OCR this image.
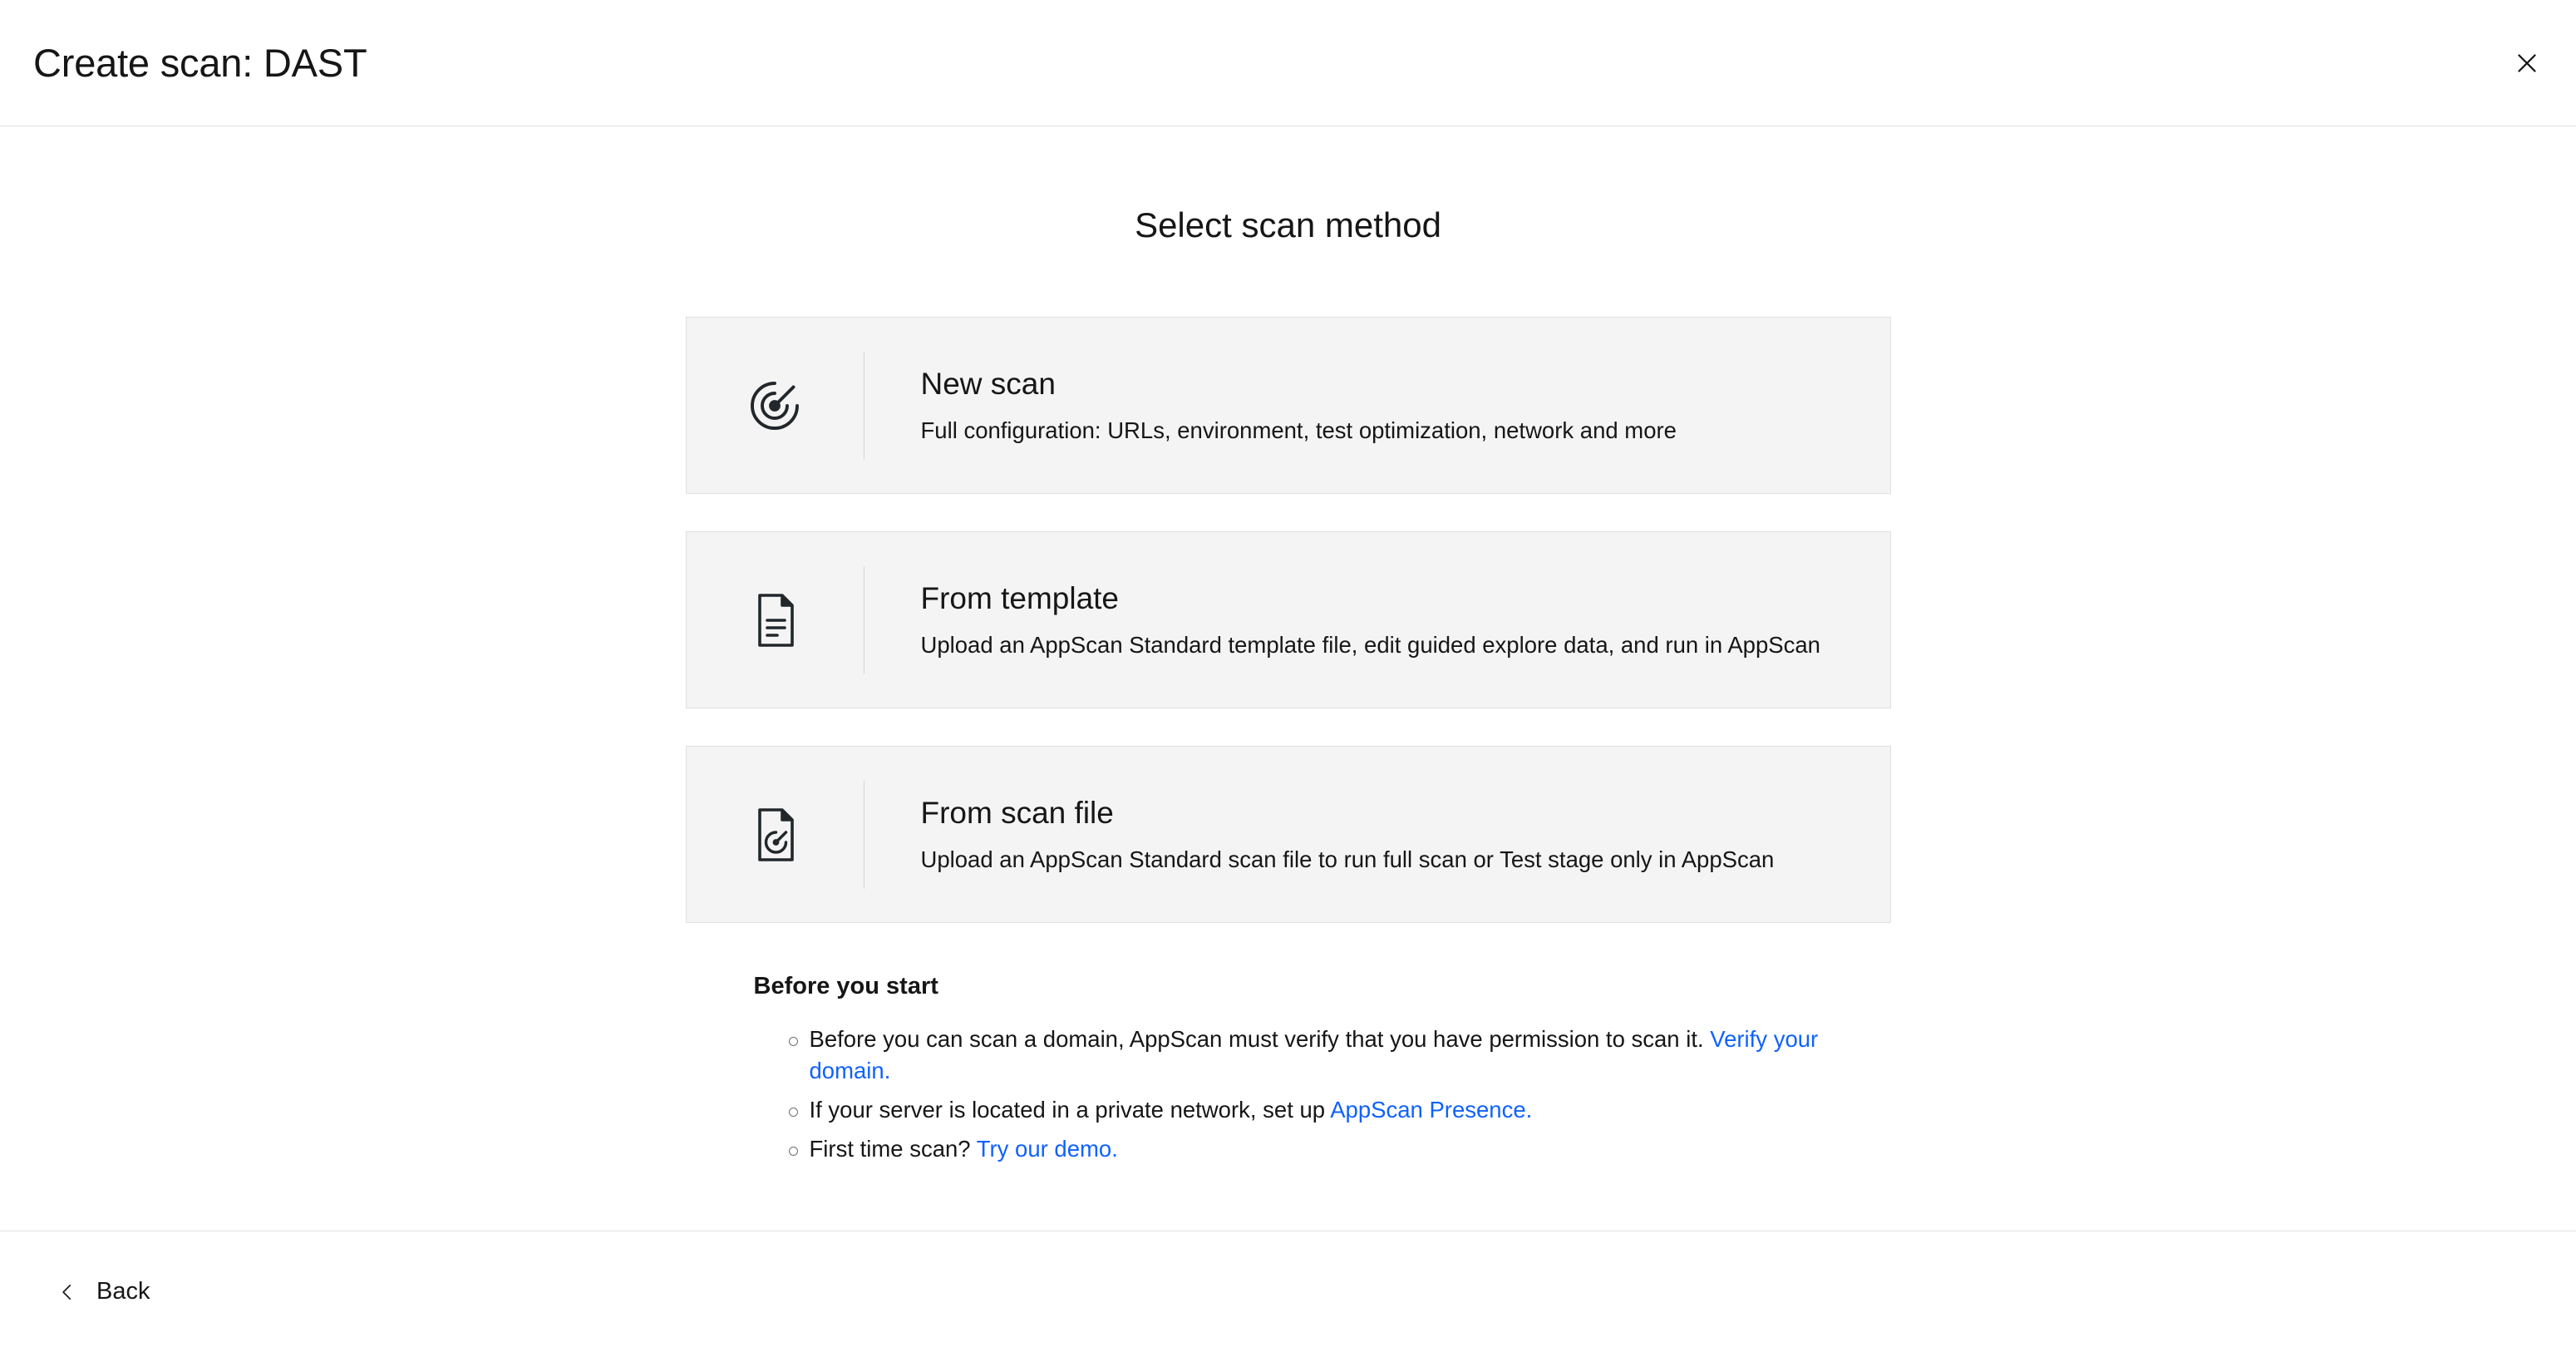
Create scan: DAST
Select scan method
New scan
Full configuration: URLs, environment, test optimization, network and more
From template
Upload an AppScan Standard template file, edit guided explore data, and run in AppScan
From scan file
Upload an AppScan Standard scan file to run full scan or Test stage only in AppScan
Before you start
Before you can scan a domain, AppScan must verify that you have permission to scan it. Verify your domain.
If your server is located in a private network, set up AppScan Presence.
First time scan? Try our demo.
Back
